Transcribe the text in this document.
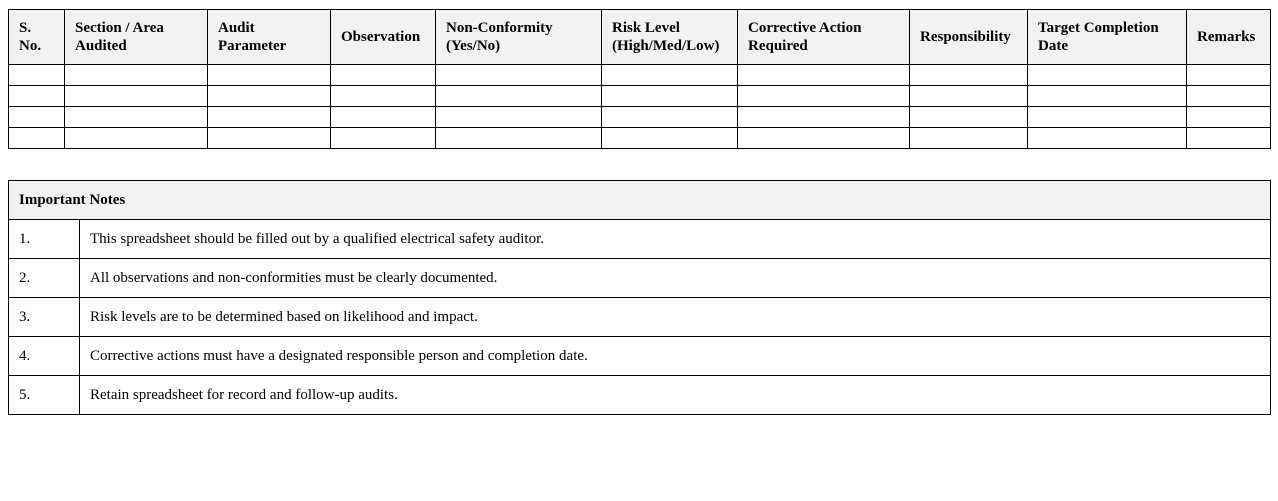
S. No.	Section / Area Audited	Audit Parameter	Observation	Non-Conformity (Yes/No)	Risk Level (High/Med/Low)	Corrective Action Required	Responsibility	Target Completion Date	Remarks

Important Notes	
1.	This spreadsheet should be filled out by a qualified electrical safety auditor.
2.	All observations and non-conformities must be clearly documented.
3.	Risk levels are to be determined based on likelihood and impact.
4.	Corrective actions must have a designated responsible person and completion date.
5.	Retain spreadsheet for record and follow-up audits.
